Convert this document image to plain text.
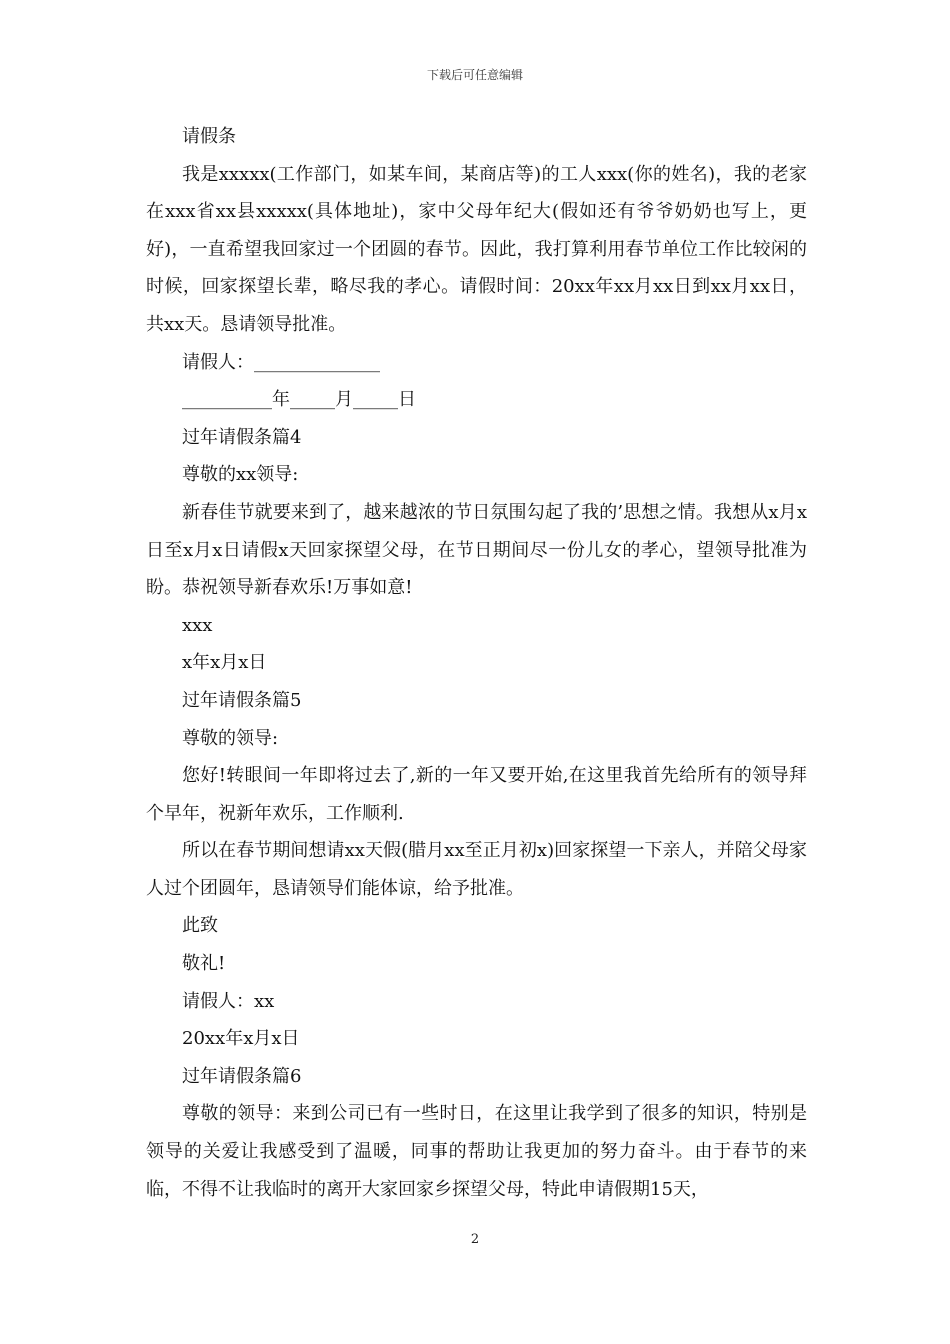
下载后可任意编辑

请假条

我是xxxxx(工作部门，如某车间，某商店等)的工人xxx(你的姓名)，我的老家在xxx省xx县xxxxx(具体地址)，家中父母年纪大(假如还有爷爷奶奶也写上，更好)，一直希望我回家过一个团圆的春节。因此，我打算利用春节单位工作比较闲的时候，回家探望长辈，略尽我的孝心。请假时间：20xx年xx月xx日到xx月xx日，共xx天。恳请领导批准。

请假人：______________

__________年_____月_____日

过年请假条篇4

尊敬的xx领导:

新春佳节就要来到了，越来越浓的节日氛围勾起了我的’思想之情。我想从x月x日至x月x日请假x天回家探望父母，在节日期间尽一份儿女的孝心，望领导批准为盼。恭祝领导新春欢乐!万事如意!

xxx

x年x月x日

过年请假条篇5

尊敬的领导:

您好!转眼间一年即将过去了,新的一年又要开始,在这里我首先给所有的领导拜个早年，祝新年欢乐，工作顺利.

所以在春节期间想请xx天假(腊月xx至正月初x)回家探望一下亲人，并陪父母家人过个团圆年，恳请领导们能体谅，给予批准。

此致

敬礼!

请假人：xx

20xx年x月x日

过年请假条篇6

尊敬的领导：来到公司已有一些时日，在这里让我学到了很多的知识，特别是领导的关爱让我感受到了温暖，同事的帮助让我更加的努力奋斗。由于春节的来临，不得不让我临时的离开大家回家乡探望父母，特此申请假期15天，

2
